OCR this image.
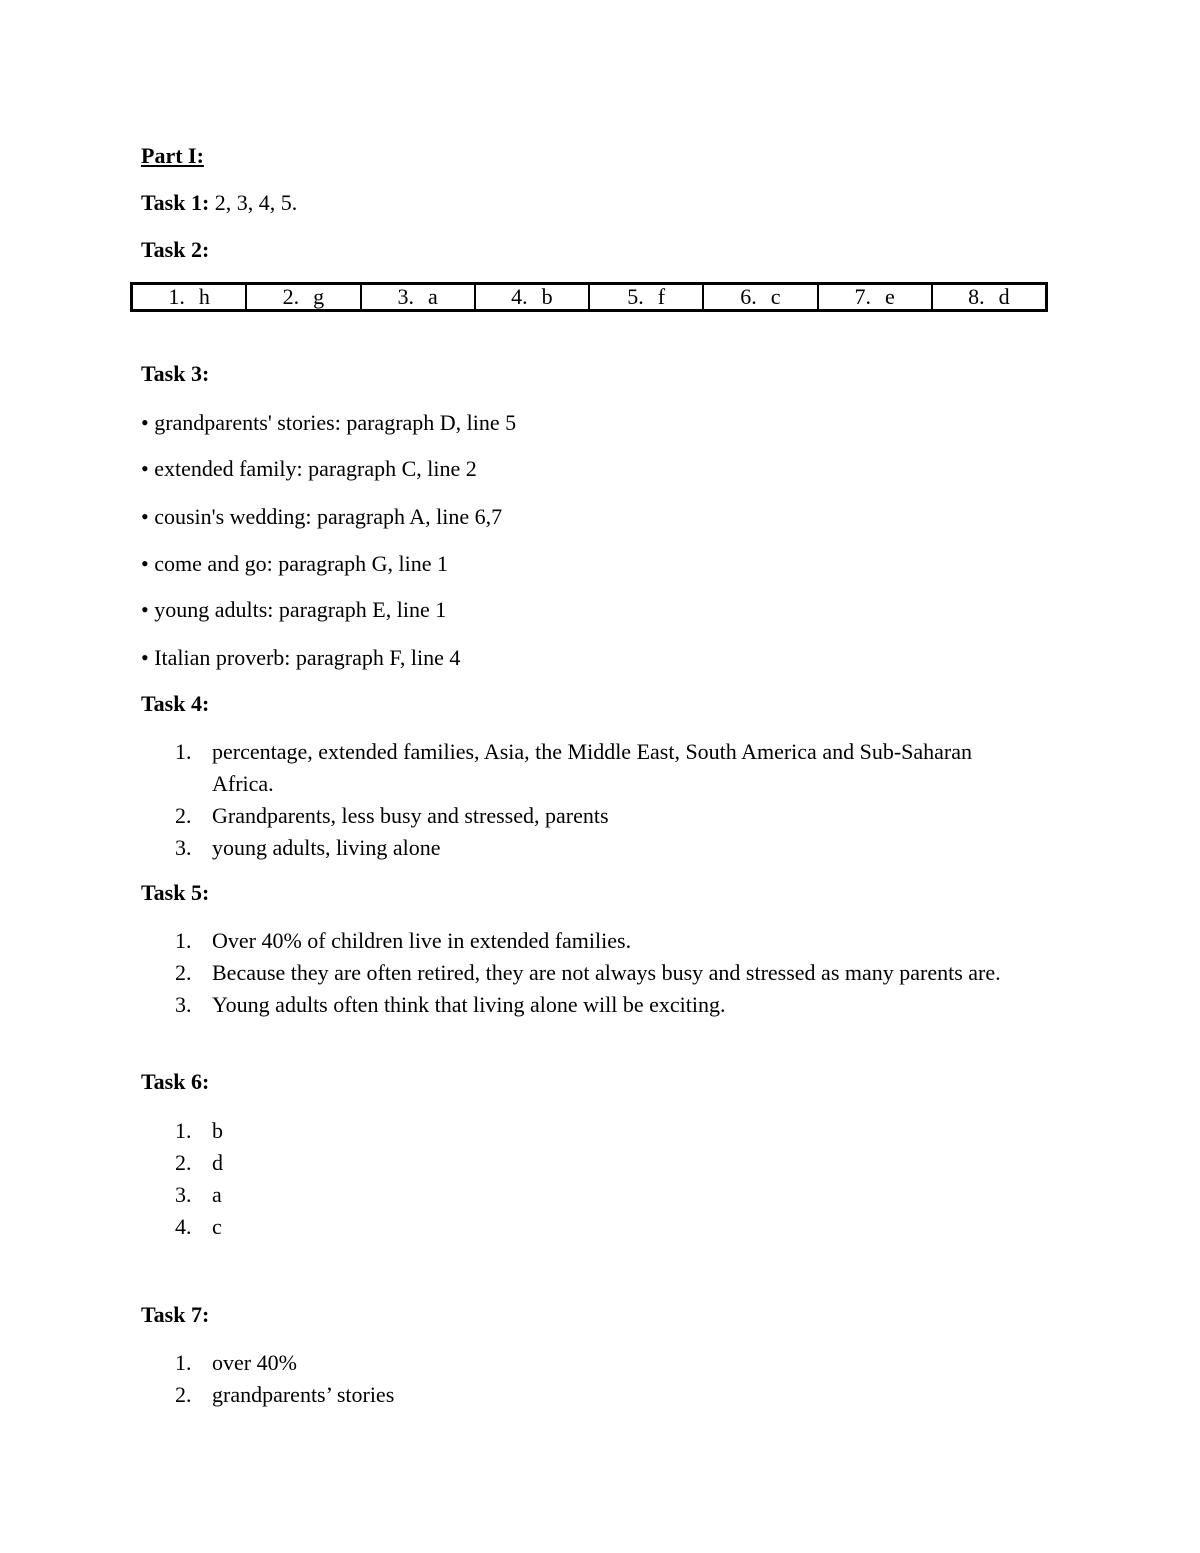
Part I:
Task 1: 2, 3, 4, 5.
Task 2:
1. h	2. g	3. a	4. b	5. f	6. c	7. e	8. d
Task 3:
• grandparents' stories: paragraph D, line 5
• extended family: paragraph C, line 2
• cousin's wedding: paragraph A, line 6,7
• come and go: paragraph G, line 1
• young adults: paragraph E, line 1
• Italian proverb: paragraph F, line 4
Task 4:
1. percentage, extended families, Asia, the Middle East, South America and Sub-Saharan Africa.
2. Grandparents, less busy and stressed, parents
3. young adults, living alone
Task 5:
1. Over 40% of children live in extended families.
2. Because they are often retired, they are not always busy and stressed as many parents are.
3. Young adults often think that living alone will be exciting.
Task 6:
1. b
2. d
3. a
4. c
Task 7:
1. over 40%
2. grandparents’ stories
